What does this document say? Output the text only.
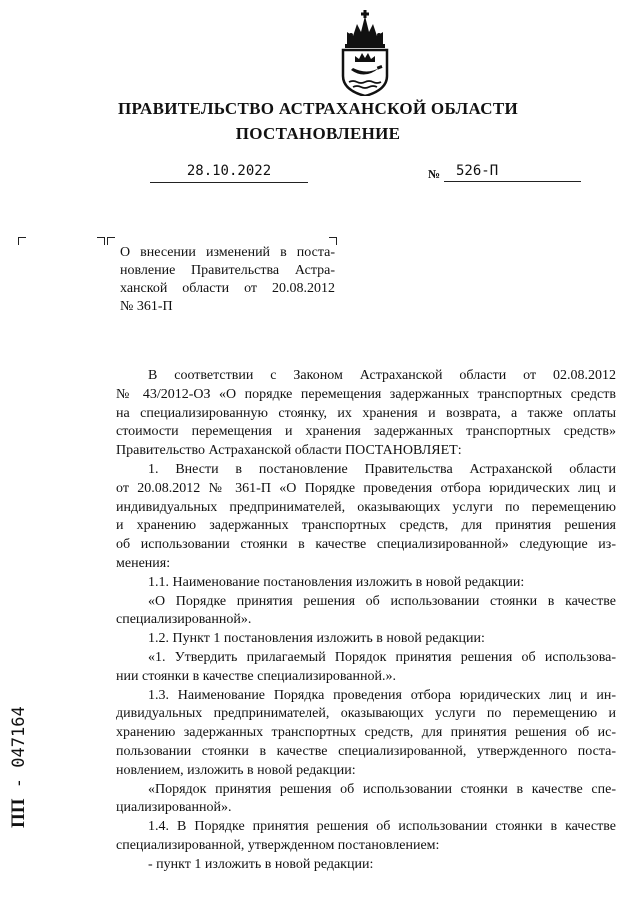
ПРАВИТЕЛЬСТВО АСТРАХАНСКОЙ ОБЛАСТИ
ПОСТАНОВЛЕНИЕ
28.10.2022	№	526-П
О внесении изменений в поста-
новление Правительства Астра-
ханской области от 20.08.2012
№ 361-П
В соответствии с Законом Астраханской области от 02.08.2012
№ 43/2012-ОЗ «О порядке перемещения задержанных транспортных средств
на специализированную стоянку, их хранения и возврата, а также оплаты
стоимости перемещения и хранения задержанных транспортных средств»
Правительство Астраханской области ПОСТАНОВЛЯЕТ:
1. Внести в постановление Правительства Астраханской области
от 20.08.2012 № 361-П «О Порядке проведения отбора юридических лиц и
индивидуальных предпринимателей, оказывающих услуги по перемещению
и хранению задержанных транспортных средств, для принятия решения
об использовании стоянки в качестве специализированной» следующие из-
менения:
1.1. Наименование постановления изложить в новой редакции:
«О Порядке принятия решения об использовании стоянки в качестве
специализированной».
1.2. Пункт 1 постановления изложить в новой редакции:
«1. Утвердить прилагаемый Порядок принятия решения об использова-
нии стоянки в качестве специализированной.».
1.3. Наименование Порядка проведения отбора юридических лиц и ин-
дивидуальных предпринимателей, оказывающих услуги по перемещению и
хранению задержанных транспортных средств, для принятия решения об ис-
пользовании стоянки в качестве специализированной, утвержденного поста-
новлением, изложить в новой редакции:
«Порядок принятия решения об использовании стоянки в качестве спе-
циализированной».
1.4. В Порядке принятия решения об использовании стоянки в качестве
специализированной, утвержденном постановлением:
- пункт 1 изложить в новой редакции:
ПП - 047164
